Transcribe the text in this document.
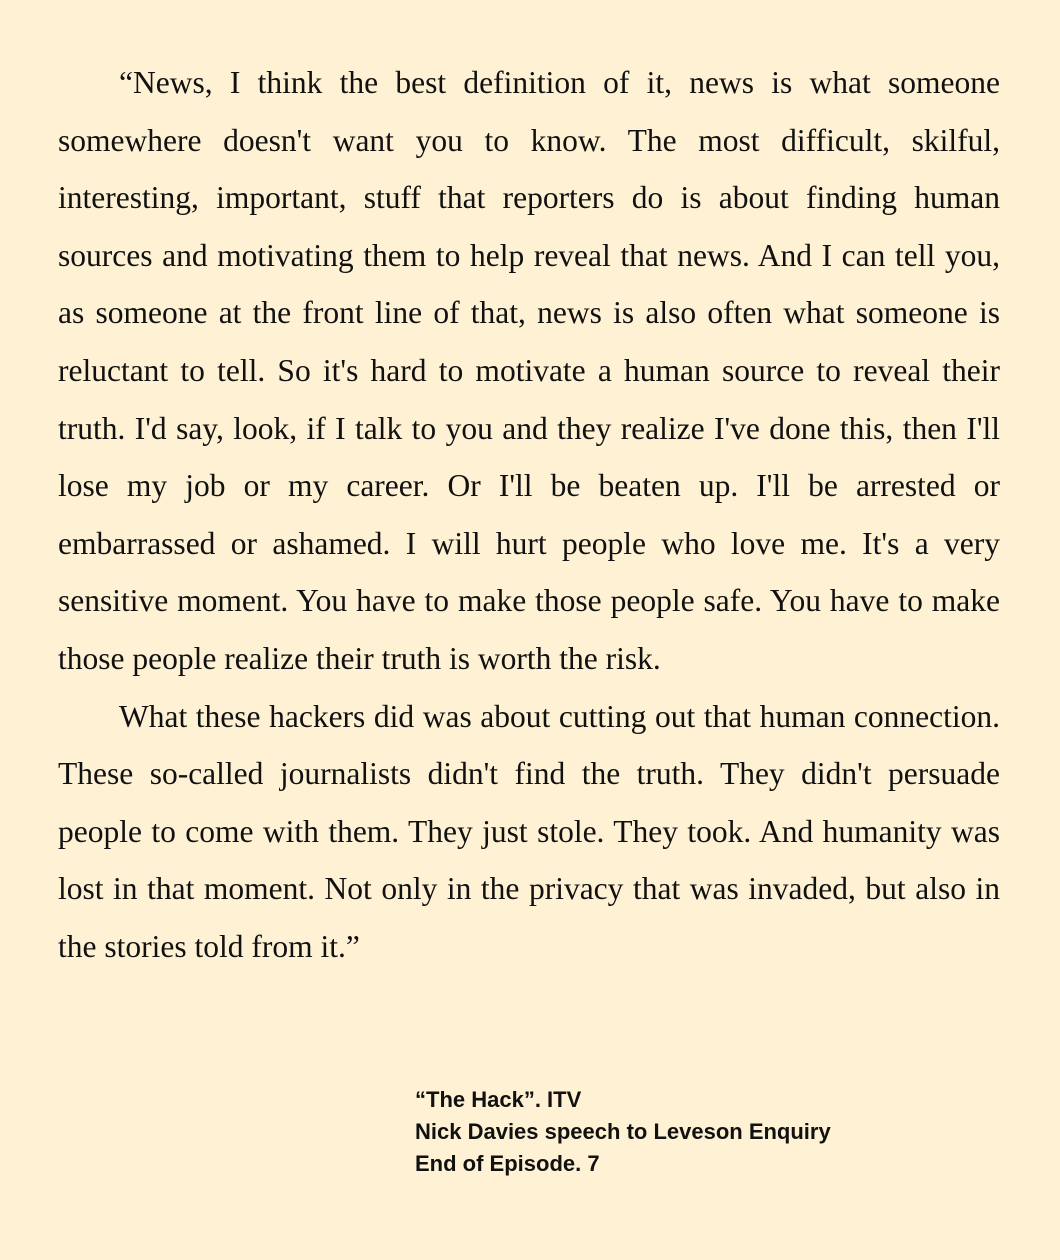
“News, I think the best definition of it, news is what someone somewhere doesn't want you to know. The most difficult, skilful, interesting, important, stuff that reporters do is about finding human sources and motivating them to help reveal that news. And I can tell you, as someone at the front line of that, news is also often what someone is reluctant to tell. So it's hard to motivate a human source to reveal their truth. I'd say, look, if I talk to you and they realize I've done this, then I'll lose my job or my career. Or I'll be beaten up. I'll be arrested or embarrassed or ashamed. I will hurt people who love me. It's a very sensitive moment. You have to make those people safe. You have to make those people realize their truth is worth the risk.

What these hackers did was about cutting out that human connection. These so-called journalists didn't find the truth. They didn't persuade people to come with them. They just stole. They took. And humanity was lost in that moment. Not only in the privacy that was invaded, but also in the stories told from it.”

“The Hack”. ITV
Nick Davies speech to Leveson Enquiry
End of Episode. 7
